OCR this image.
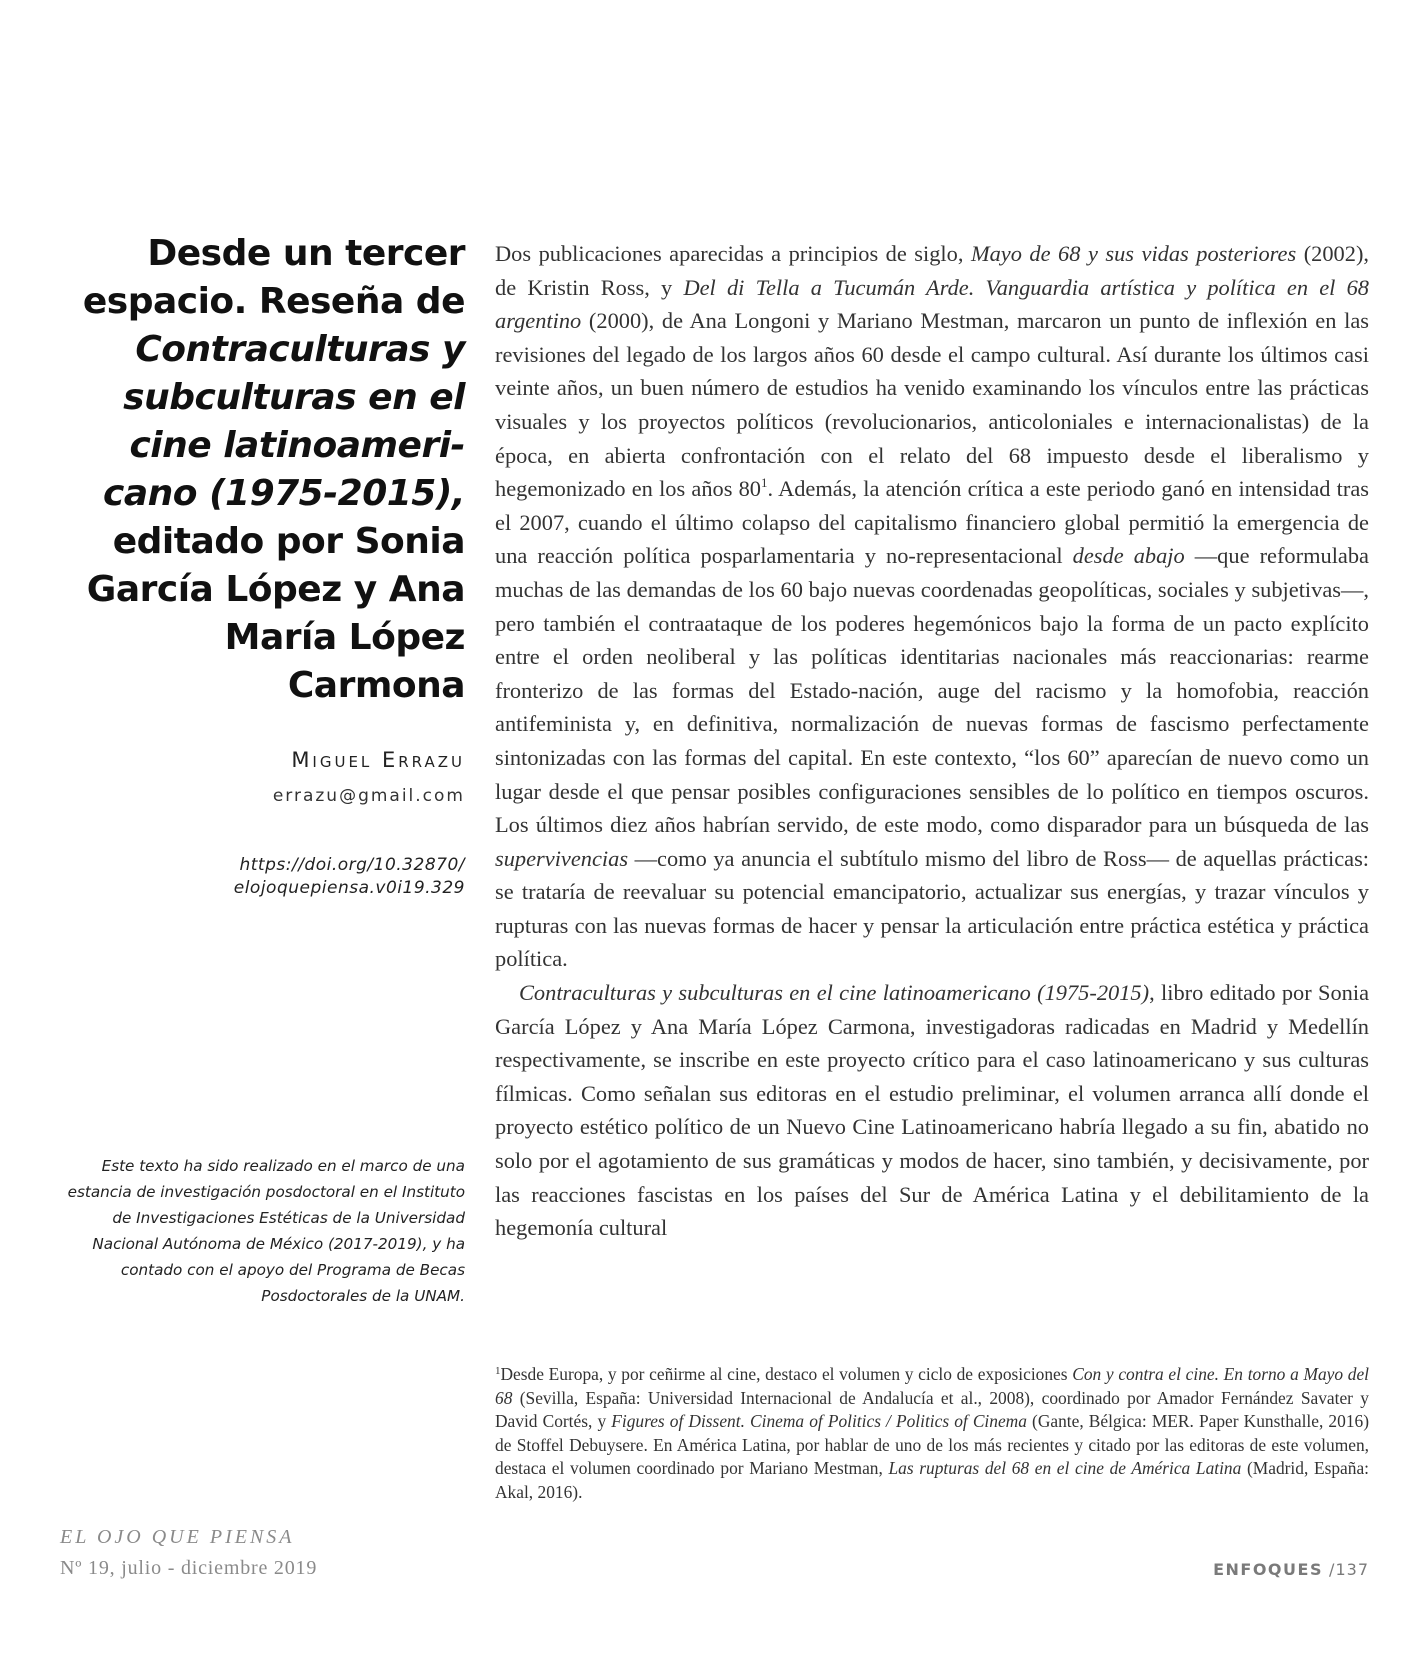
Desde un tercer espacio. Reseña de Contraculturas y subculturas en el cine latinoameri-cano (1975-2015), editado por Sonia García López y Ana María López Carmona
Miguel Errazu
errazu@gmail.com
https://doi.org/10.32870/
elojoquepiensa.v0i19.329

Este texto ha sido realizado en el marco de una estancia de investigación posdoctoral en el Instituto de Investigaciones Estéticas de la Universidad Nacional Autónoma de México (2017-2019), y ha contado con el apoyo del Programa de Becas Posdoctorales de la UNAM.

Dos publicaciones aparecidas a principios de siglo, Mayo de 68 y sus vidas posteriores (2002), de Kristin Ross, y Del di Tella a Tucumán Arde. Vanguardia artística y política en el 68 argentino (2000), de Ana Longoni y Mariano Mestman, marcaron un punto de inflexión en las revisiones del legado de los largos años 60 desde el campo cultural. Así durante los últimos casi veinte años, un buen número de estudios ha venido examinando los vínculos entre las prácticas visuales y los proyectos políticos (revolucionarios, anticoloniales e internacionalistas) de la época, en abierta confrontación con el relato del 68 impuesto desde el liberalismo y hegemonizado en los años $80^1$. Además, la atención crítica a este periodo ganó en intensidad tras el 2007, cuando el último colapso del capitalismo financiero global permitió la emergencia de una reacción política posparlamentaria y no-representacional desde abajo —que reformulaba muchas de las demandas de los 60 bajo nuevas coordenadas geopolíticas, sociales y subjetivas—, pero también el contraataque de los poderes hegemónicos bajo la forma de un pacto explícito entre el orden neoliberal y las políticas identitarias nacionales más reaccionarias: rearme fronterizo de las formas del Estado-nación, auge del racismo y la homofobia, reacción antifeminista y, en definitiva, normalización de nuevas formas de fascismo perfectamente sintonizadas con las formas del capital. En este contexto, “los 60” aparecían de nuevo como un lugar desde el que pensar posibles configuraciones sensibles de lo político en tiempos oscuros. Los últimos diez años habrían servido, de este modo, como disparador para un búsqueda de las supervivencias —como ya anuncia el subtítulo mismo del libro de Ross— de aquellas prácticas: se trataría de reevaluar su potencial emancipatorio, actualizar sus energías, y trazar vínculos y rupturas con las nuevas formas de hacer y pensar la articulación entre práctica estética y práctica política.

Contraculturas y subculturas en el cine latinoamericano (1975-2015), libro editado por Sonia García López y Ana María López Carmona, investigadoras radicadas en Madrid y Medellín respectivamente, se inscribe en este proyecto crítico para el caso latinoamericano y sus culturas fílmicas. Como señalan sus editoras en el estudio preliminar, el volumen arranca allí donde el proyecto estético político de un Nuevo Cine Latinoamericano habría llegado a su fin, abatido no solo por el agotamiento de sus gramáticas y modos de hacer, sino también, y decisivamente, por las reacciones fascistas en los países del Sur de América Latina y el debilitamiento de la hegemonía cultural

$^1$Desde Europa, y por ceñirme al cine, destaco el volumen y ciclo de exposiciones Con y contra el cine. En torno a Mayo del 68 (Sevilla, España: Universidad Internacional de Andalucía et al., 2008), coordinado por Amador Fernández Savater y David Cortés, y Figures of Dissent. Cinema of Politics / Politics of Cinema (Gante, Bélgica: MER. Paper Kunsthalle, 2016) de Stoffel Debuysere. En América Latina, por hablar de uno de los más recientes y citado por las editoras de este volumen, destaca el volumen coordinado por Mariano Mestman, Las rupturas del 68 en el cine de América Latina (Madrid, España: Akal, 2016).

EL OJO QUE PIENSA
Nº 19, julio - diciembre 2019	ENFOQUES /137
